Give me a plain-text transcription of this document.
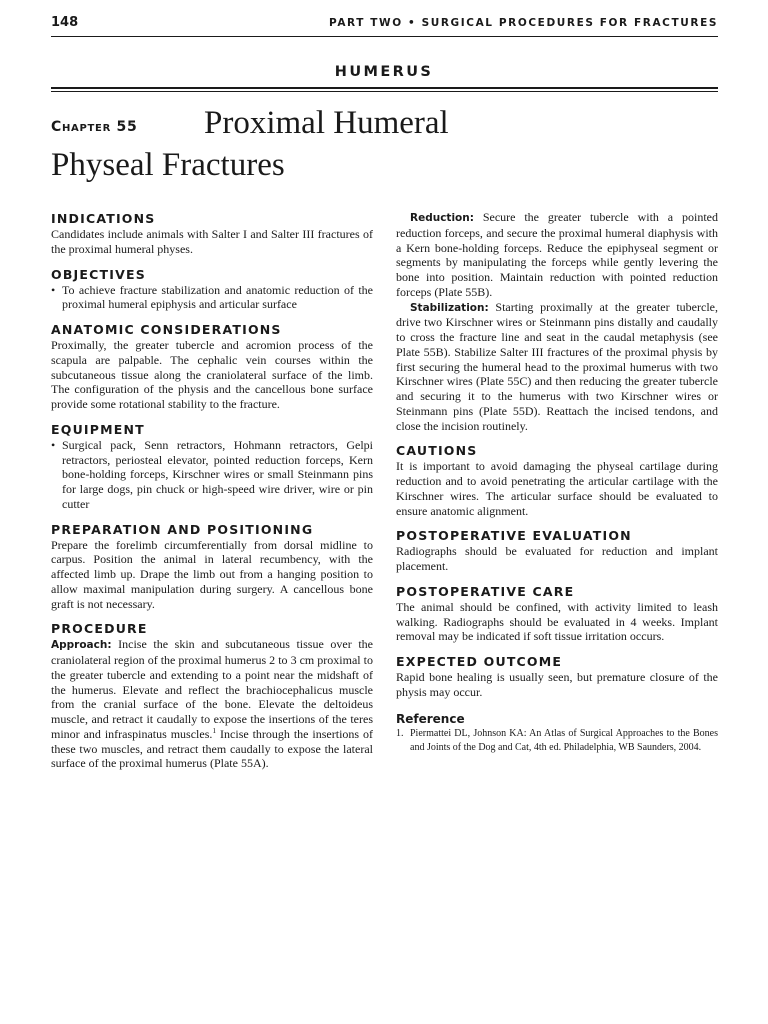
148	PART TWO • SURGICAL PROCEDURES FOR FRACTURES
HUMERUS
Chapter 55 Proximal Humeral
Physeal Fractures
INDICATIONS

Candidates include animals with Salter I and Salter III fractures of the proximal humeral physes.

OBJECTIVES
• To achieve fracture stabilization and anatomic reduction of the proximal humeral epiphysis and articular surface
ANATOMIC CONSIDERATIONS

Proximally, the greater tubercle and acromion process of the scapula are palpable. The cephalic vein courses within the subcutaneous tissue along the craniolateral surface of the limb. The configuration of the physis and the cancellous bone surface provide some rotational stability to the fracture.

EQUIPMENT
• Surgical pack, Senn retractors, Hohmann retractors, Gelpi retractors, periosteal elevator, pointed reduction forceps, Kern bone-holding forceps, Kirschner wires or small Steinmann pins for large dogs, pin chuck or high-speed wire driver, wire or pin cutter
PREPARATION AND POSITIONING

Prepare the forelimb circumferentially from dorsal midline to carpus. Position the animal in lateral recumbency, with the affected limb up. Drape the limb out from a hanging position to allow maximal manipulation during surgery. A cancellous bone graft is not necessary.

PROCEDURE

Approach: Incise the skin and subcutaneous tissue over the craniolateral region of the proximal humerus 2 to 3 cm proximal to the greater tubercle and extending to a point near the midshaft of the humerus. Elevate and reflect the brachiocephalicus muscle from the cranial surface of the bone. Elevate the deltoideus muscle, and retract it caudally to expose the insertions of the teres minor and infraspinatus muscles.$^1$ Incise through the insertions of these two muscles, and retract them caudally to expose the lateral surface of the proximal humerus (Plate 55A).

Reduction: Secure the greater tubercle with a pointed reduction forceps, and secure the proximal humeral diaphysis with a Kern bone-holding forceps. Reduce the epiphyseal segment or segments by manipulating the forceps while gently levering the bone into position. Maintain reduction with pointed reduction forceps (Plate 55B).

Stabilization: Starting proximally at the greater tubercle, drive two Kirschner wires or Steinmann pins distally and caudally to cross the fracture line and seat in the caudal metaphysis (see Plate 55B). Stabilize Salter III fractures of the proximal physis by first securing the humeral head to the proximal humerus with two Kirschner wires (Plate 55C) and then reducing the greater tubercle and securing it to the humerus with two Kirschner wires or Steinmann pins (Plate 55D). Reattach the incised tendons, and close the incision routinely.

CAUTIONS

It is important to avoid damaging the physeal cartilage during reduction and to avoid penetrating the articular cartilage with the Kirschner wires. The articular surface should be evaluated to ensure anatomic alignment.

POSTOPERATIVE EVALUATION

Radiographs should be evaluated for reduction and implant placement.

POSTOPERATIVE CARE

The animal should be confined, with activity limited to leash walking. Radiographs should be evaluated in 4 weeks. Implant removal may be indicated if soft tissue irritation occurs.

EXPECTED OUTCOME

Rapid bone healing is usually seen, but premature closure of the physis may occur.

Reference
1. Piermattei DL, Johnson KA: An Atlas of Surgical Approaches to the Bones and Joints of the Dog and Cat, 4th ed. Philadelphia, WB Saunders, 2004.
